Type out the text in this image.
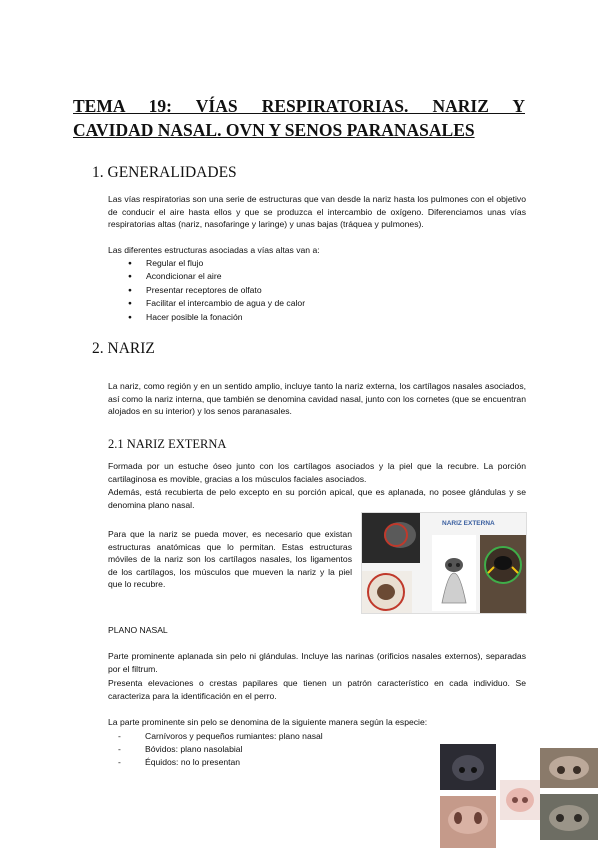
TEMA 19: VÍAS RESPIRATORIAS. NARIZ Y
CAVIDAD NASAL. OVN Y SENOS PARANASALES
1. GENERALIDADES

Las vías respiratorias son una serie de estructuras que van desde la nariz hasta los pulmones con el objetivo de conducir el aire hasta ellos y que se produzca el intercambio de oxígeno. Diferenciamos unas vías respiratorias altas (nariz, nasofaringe y laringe) y unas bajas (tráquea y pulmones).

Las diferentes estructuras asociadas a vías altas van a:

● Regular el flujo
● Acondicionar el aire
● Presentar receptores de olfato
● Facilitar el intercambio de agua y de calor
● Hacer posible la fonación
2. NARIZ

La nariz, como región y en un sentido amplio, incluye tanto la nariz externa, los cartílagos nasales asociados, así como la nariz interna, que también se denomina cavidad nasal, junto con los cornetes (que se encuentran alojados en su interior) y los senos paranasales.

2.1 NARIZ EXTERNA

Formada por un estuche óseo junto con los cartílagos asociados y la piel que la recubre. La porción cartilaginosa es movible, gracias a los músculos faciales asociados.

Además, está recubierta de pelo excepto en su porción apical, que es aplanada, no posee glándulas y se denomina plano nasal.

Para que la nariz se pueda mover, es necesario que existan estructuras anatómicas que lo permitan. Estas estructuras móviles de la nariz son los cartílagos nasales, los ligamentos de los cartílagos, los músculos que mueven la nariz y la piel que lo recubre.

NARIZ EXTERNA
PLANO NASAL

Parte prominente aplanada sin pelo ni glándulas. Incluye las narinas (orificios nasales externos), separadas por el filtrum.

Presenta elevaciones o crestas papilares que tienen un patrón característico en cada individuo. Se caracteriza para la identificación en el perro.

La parte prominente sin pelo se denomina de la siguiente manera según la especie:

- Carnívoros y pequeños rumiantes: plano nasal
- Bóvidos: plano nasolabial
- Équidos: no lo presentan
